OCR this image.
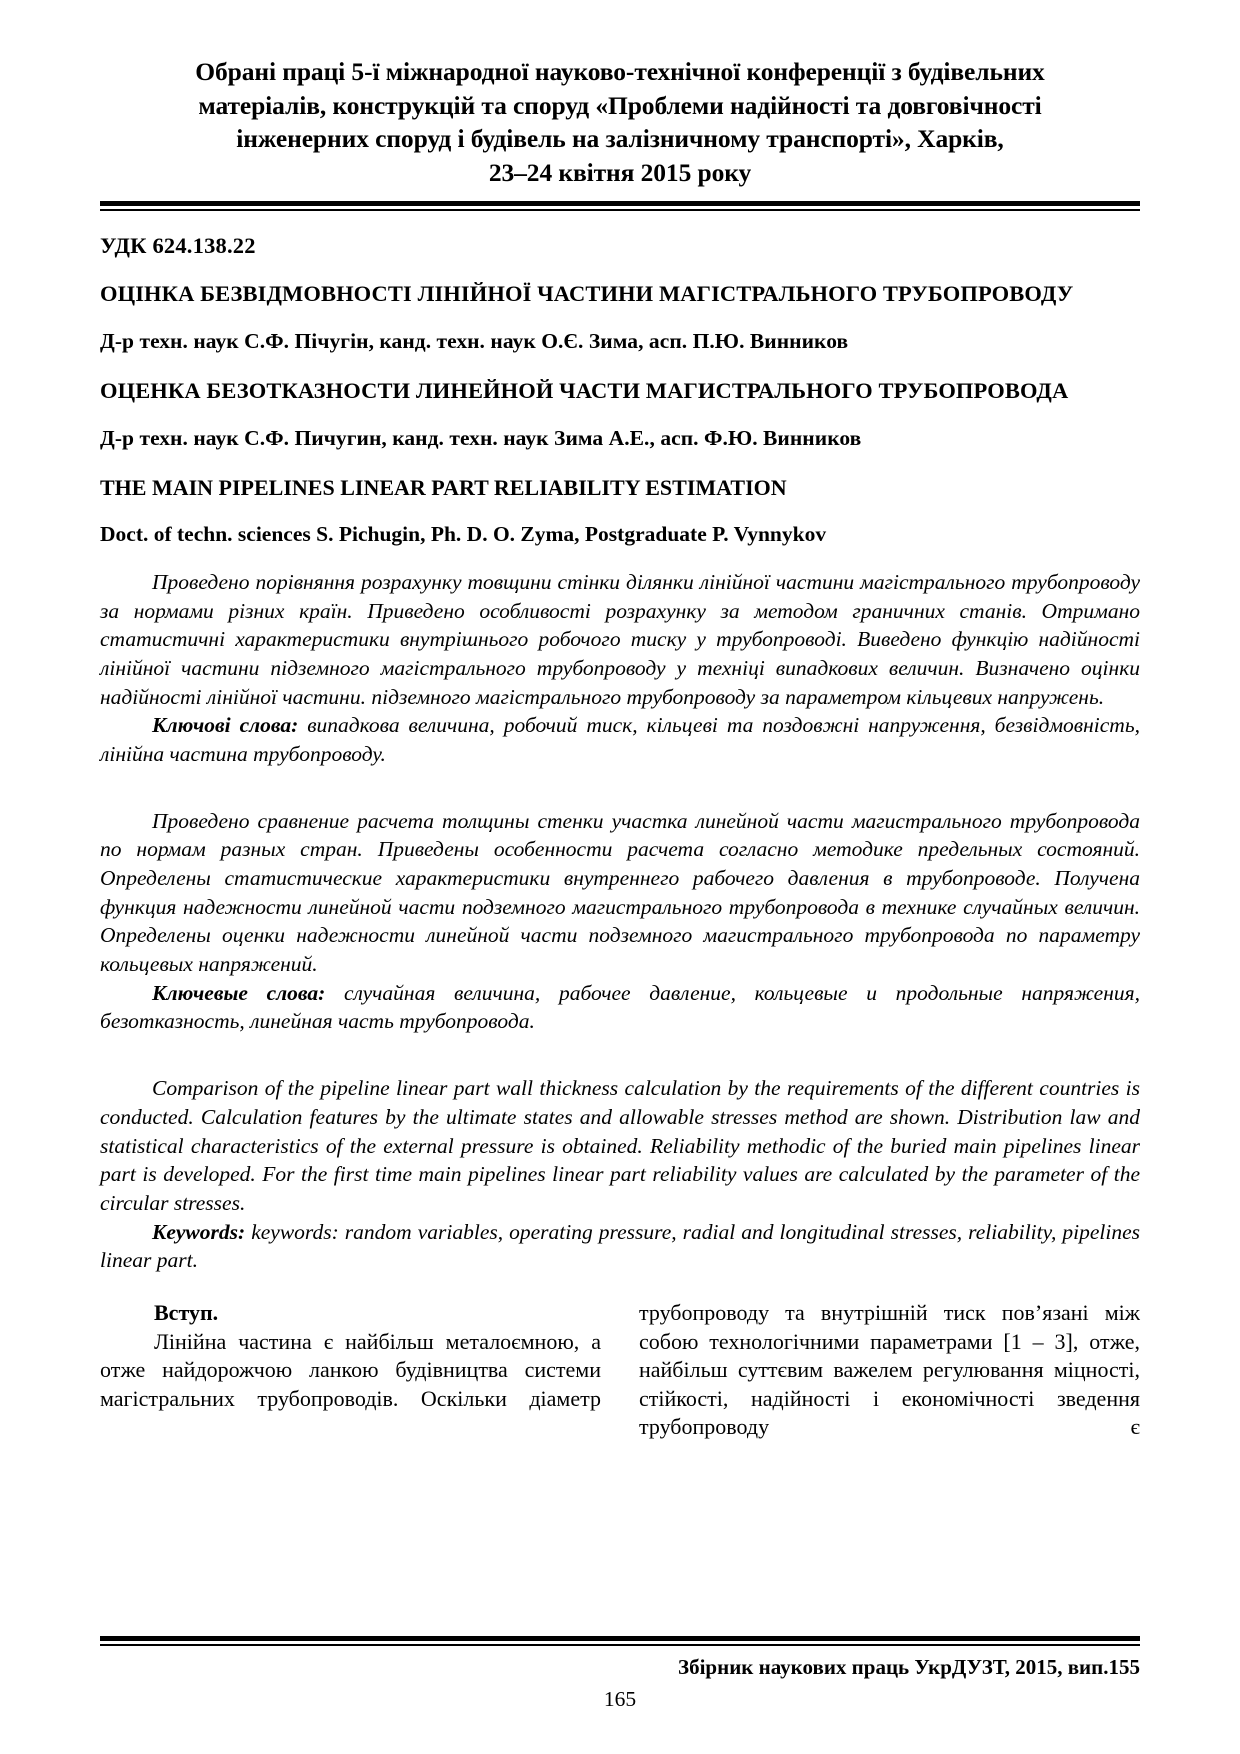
Обрані праці 5-ї міжнародної науково-технічної конференції з будівельних
матеріалів, конструкцій та споруд «Проблеми надійності та довговічності
інженерних споруд і будівель на залізничному транспорті», Харків,
23–24 квітня 2015 року
УДК 624.138.22
ОЦІНКА БЕЗВІДМОВНОСТІ ЛІНІЙНОЇ ЧАСТИНИ МАГІСТРАЛЬНОГО ТРУБОПРОВОДУ
Д-р техн. наук С.Ф. Пічугін, канд. техн. наук О.Є. Зима, асп. П.Ю. Винников
ОЦЕНКА БЕЗОТКАЗНОСТИ ЛИНЕЙНОЙ ЧАСТИ МАГИСТРАЛЬНОГО ТРУБОПРОВОДА
Д-р техн. наук С.Ф. Пичугин, канд. техн. наук Зима А.Е., асп. Ф.Ю. Винников
THE MAIN PIPELINES LINEAR PART RELIABILITY ESTIMATION
Doct. of techn. sciences S. Pichugin, Ph. D. O. Zyma, Postgraduate P. Vynnykov

Проведено порівняння розрахунку товщини стінки ділянки лінійної частини магістрального трубопроводу за нормами різних країн. Приведено особливості розрахунку за методом граничних станів. Отримано статистичні характеристики внутрішнього робочого тиску у трубопроводі. Виведено функцію надійності лінійної частини підземного магістрального трубопроводу у техніці випадкових величин. Визначено оцінки надійності лінійної частини. підземного магістрального трубопроводу за параметром кільцевих напружень.

Ключові слова: випадкова величина, робочий тиск, кільцеві та поздовжні напруження, безвідмовність, лінійна частина трубопроводу.

Проведено сравнение расчета толщины стенки участка линейной части магистрального трубопровода по нормам разных стран. Приведены особенности расчета согласно методике предельных состояний. Определены статистические характеристики внутреннего рабочего давления в трубопроводе. Получена функция надежности линейной части подземного магистрального трубопровода в технике случайных величин. Определены оценки надежности линейной части подземного магистрального трубопровода по параметру кольцевых напряжений.

Ключевые слова: случайная величина, рабочее давление, кольцевые и продольные напряжения, безотказность, линейная часть трубопровода.

Comparison of the pipeline linear part wall thickness calculation by the requirements of the different countries is conducted. Calculation features by the ultimate states and allowable stresses method are shown. Distribution law and statistical characteristics of the external pressure is obtained. Reliability methodic of the buried main pipelines linear part is developed. For the first time main pipelines linear part reliability values are calculated by the parameter of the circular stresses.

Keywords: keywords: random variables, operating pressure, radial and longitudinal stresses, reliability, pipelines linear part.

Вступ.

Лінійна частина є найбільш металоємною, а отже найдорожчою ланкою будівництва системи магістральних трубопроводів. Оскільки діаметр

трубопроводу та внутрішній тиск пов’язані між собою технологічними параметрами [1 – 3], отже, найбільш суттєвим важелем регулювання міцності, стійкості, надійності і економічності зведення трубопроводу є

Збірник наукових праць УкрДУЗТ, 2015, вип.155
165
